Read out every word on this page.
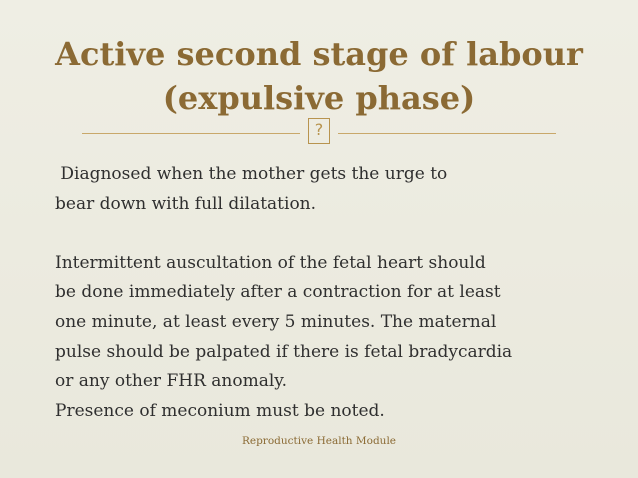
Active second stage of labour
(expulsive phase)
?
Diagnosed when the mother gets the urge to
bear down with full dilatation.
Intermittent auscultation of the fetal heart should
be done immediately after a contraction for at least
one minute, at least every 5 minutes. The maternal
pulse should be palpated if there is fetal bradycardia
or any other FHR anomaly.
Presence of meconium must be noted.
Reproductive Health Module
